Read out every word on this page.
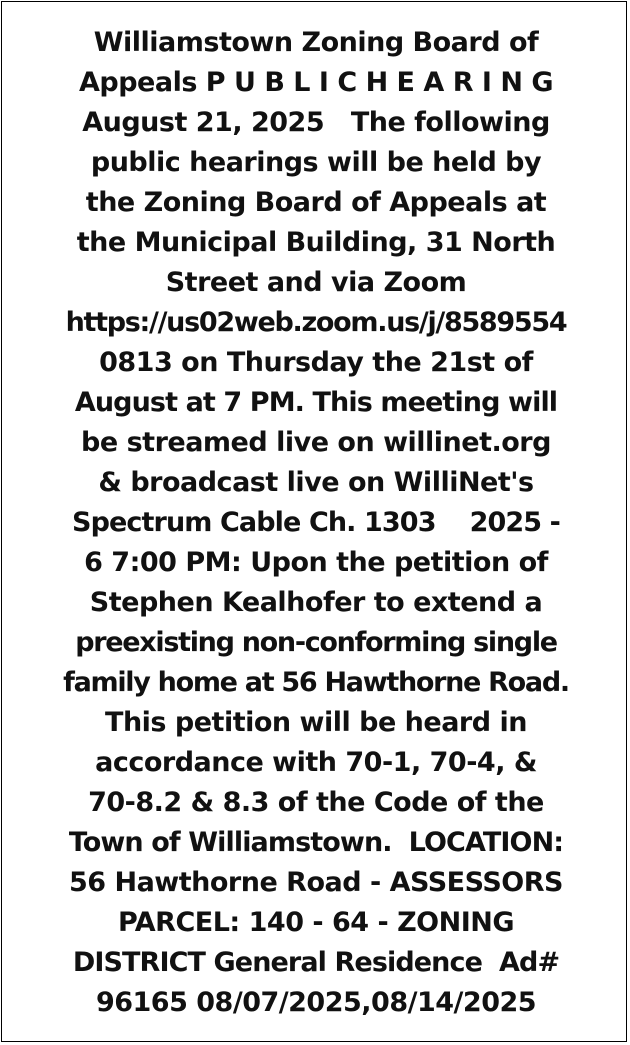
Williamstown Zoning Board of
Appeals P U B L I C H E A R I N G
August 21, 2025   The following
public hearings will be held by
the Zoning Board of Appeals at
the Municipal Building, 31 North
Street and via Zoom
https://us02web.zoom.us/j/8589554
0813 on Thursday the 21st of
August at 7 PM. This meeting will
be streamed live on willinet.org
& broadcast live on WilliNet's
Spectrum Cable Ch. 1303    2025 -
6 7:00 PM: Upon the petition of
Stephen Kealhofer to extend a
preexisting non-conforming single
family home at 56 Hawthorne Road.
This petition will be heard in
accordance with 70-1, 70-4, &
70-8.2 & 8.3 of the Code of the
Town of Williamstown.  LOCATION:
56 Hawthorne Road - ASSESSORS
PARCEL: 140 - 64 - ZONING
DISTRICT General Residence  Ad#
96165 08/07/2025,08/14/2025
